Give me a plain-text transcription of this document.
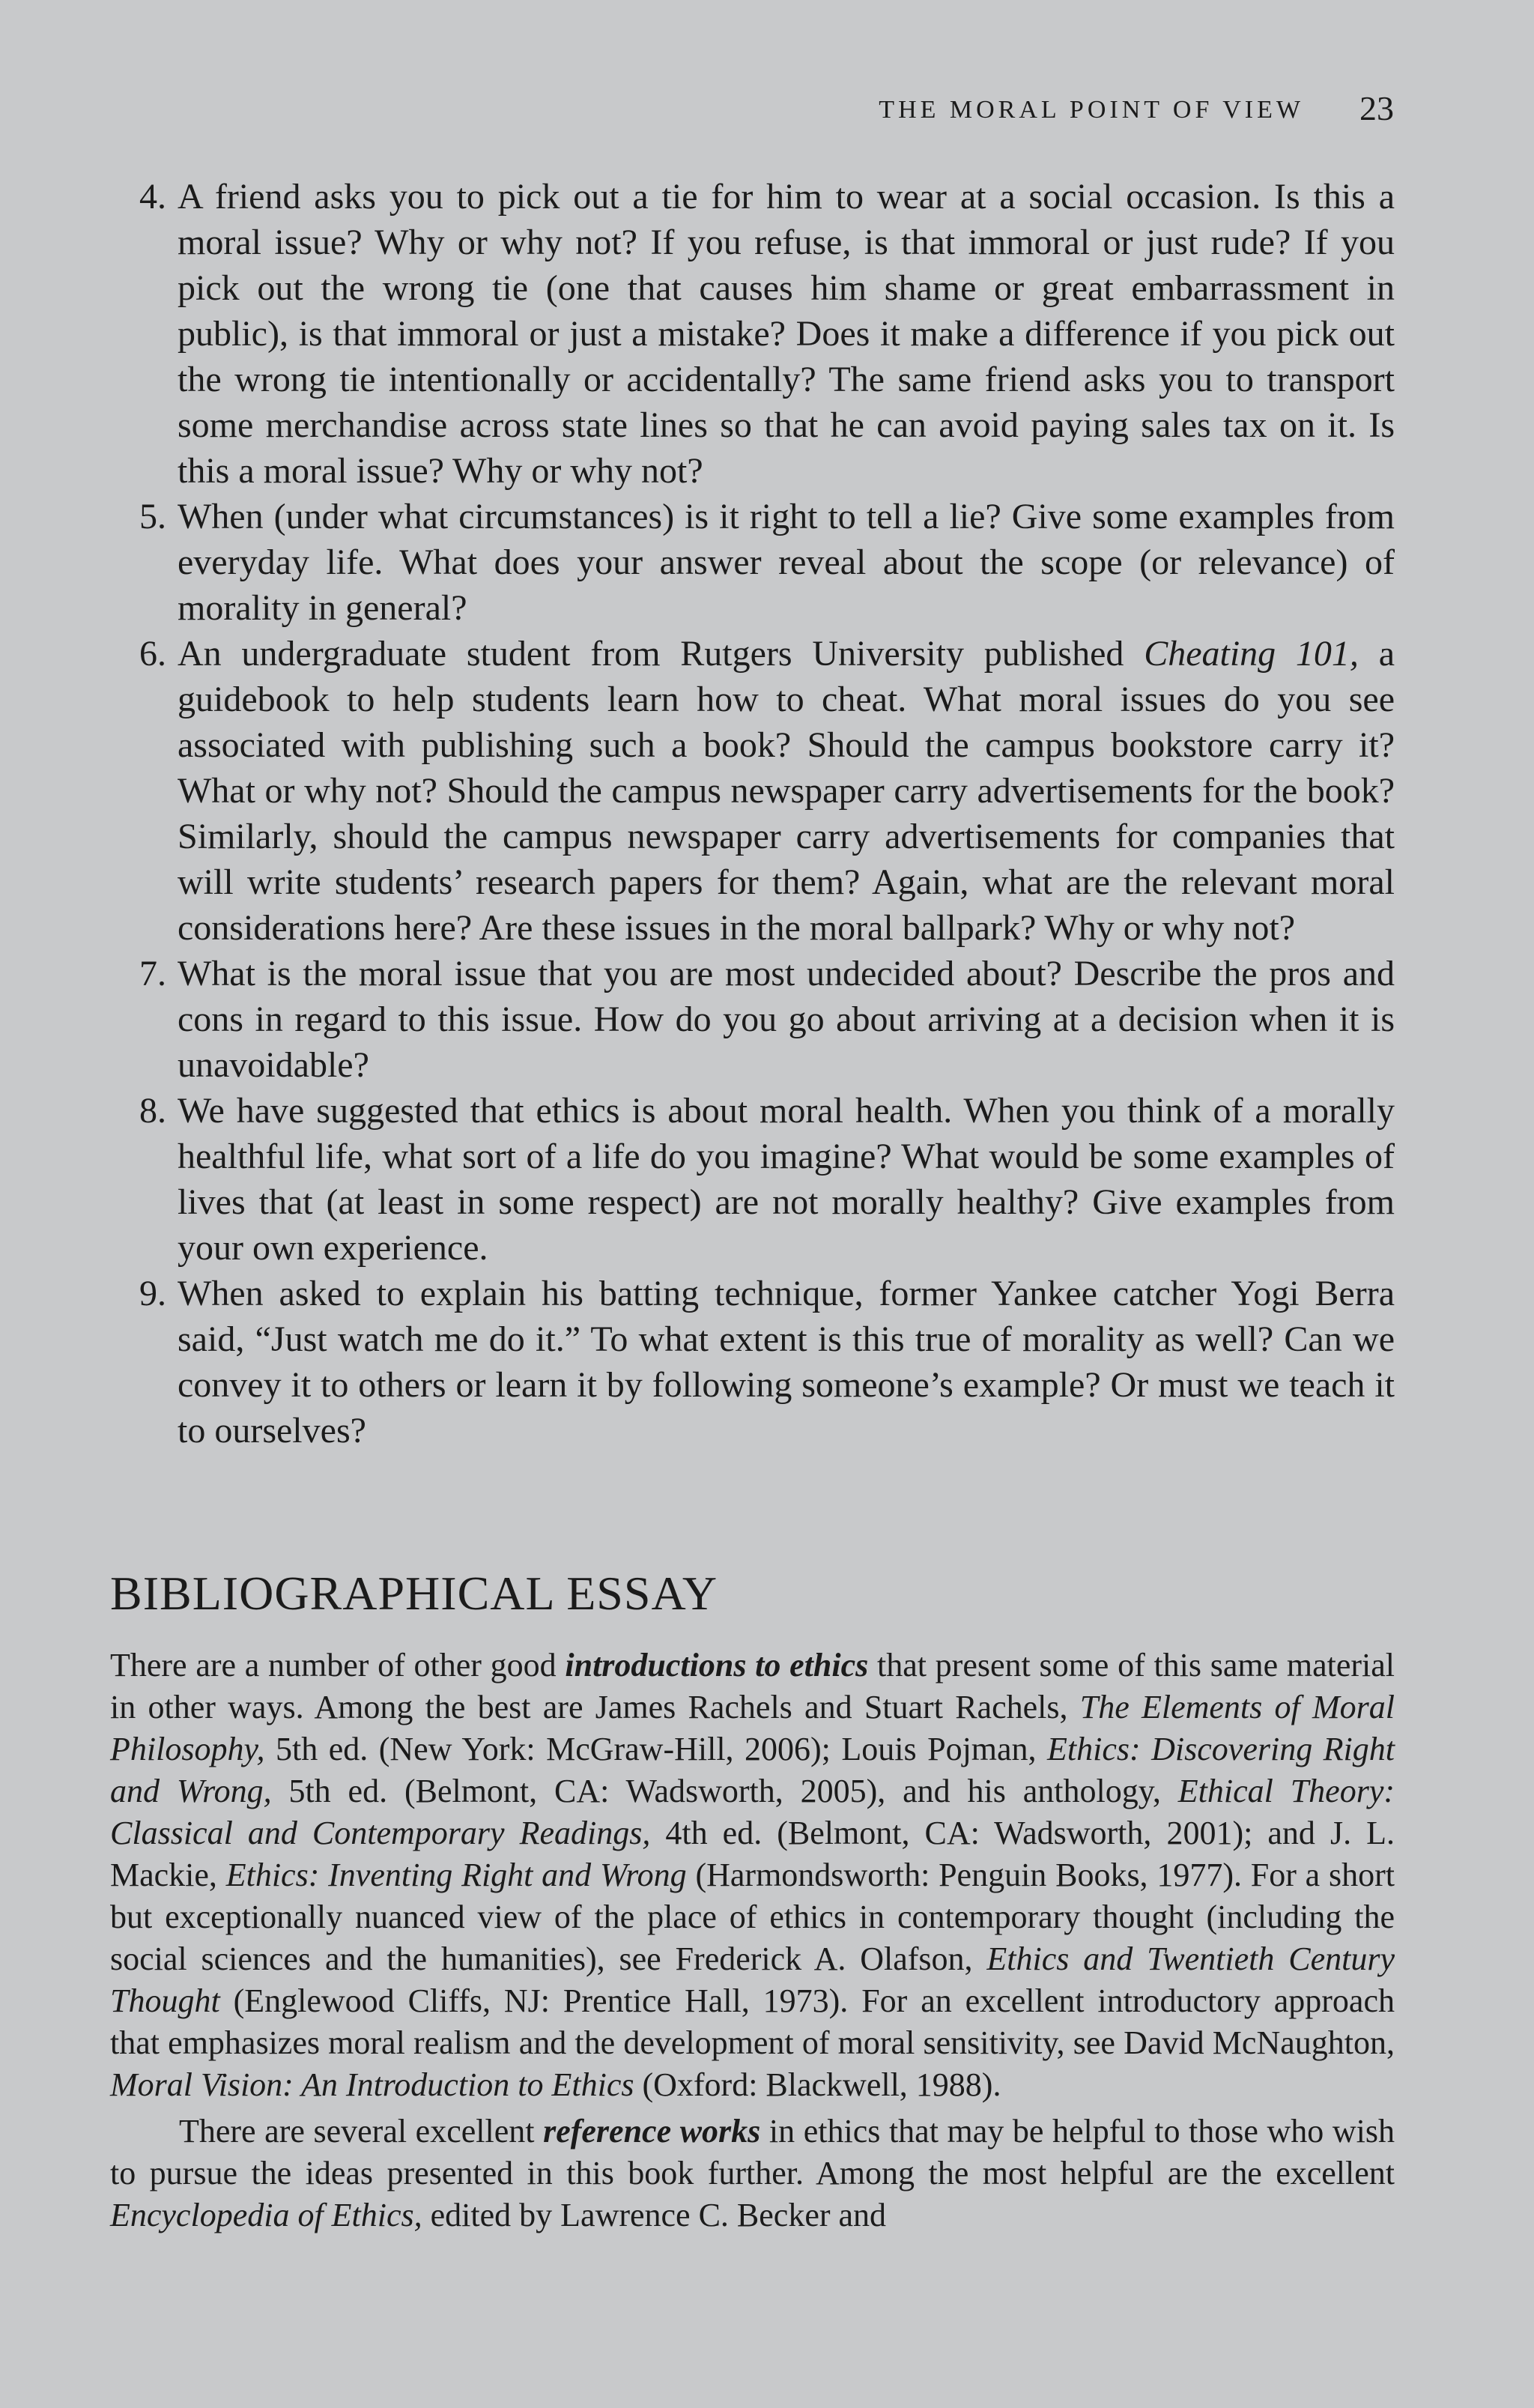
THE MORAL POINT OF VIEW 23
4. A friend asks you to pick out a tie for him to wear at a social occasion. Is this a moral issue? Why or why not? If you refuse, is that immoral or just rude? If you pick out the wrong tie (one that causes him shame or great embarrassment in public), is that immoral or just a mistake? Does it make a difference if you pick out the wrong tie intentionally or accidentally? The same friend asks you to transport some merchandise across state lines so that he can avoid paying sales tax on it. Is this a moral issue? Why or why not?
5. When (under what circumstances) is it right to tell a lie? Give some examples from everyday life. What does your answer reveal about the scope (or relevance) of morality in general?
6. An undergraduate student from Rutgers University published Cheating 101, a guidebook to help students learn how to cheat. What moral issues do you see associated with publishing such a book? Should the campus bookstore carry it? What or why not? Should the campus newspaper carry advertisements for the book? Similarly, should the campus newspaper carry advertisements for companies that will write students’ research papers for them? Again, what are the relevant moral considerations here? Are these issues in the moral ballpark? Why or why not?
7. What is the moral issue that you are most undecided about? Describe the pros and cons in regard to this issue. How do you go about arriving at a decision when it is unavoidable?
8. We have suggested that ethics is about moral health. When you think of a morally healthful life, what sort of a life do you imagine? What would be some examples of lives that (at least in some respect) are not morally healthy? Give examples from your own experience.
9. When asked to explain his batting technique, former Yankee catcher Yogi Berra said, “Just watch me do it.” To what extent is this true of morality as well? Can we convey it to others or learn it by following someone’s example? Or must we teach it to ourselves?
BIBLIOGRAPHICAL ESSAY

There are a number of other good introductions to ethics that present some of this same material in other ways. Among the best are James Rachels and Stuart Rachels, The Elements of Moral Philosophy, 5th ed. (New York: McGraw-Hill, 2006); Louis Pojman, Ethics: Discovering Right and Wrong, 5th ed. (Belmont, CA: Wadsworth, 2005), and his anthology, Ethical Theory: Classical and Contemporary Readings, 4th ed. (Belmont, CA: Wadsworth, 2001); and J. L. Mackie, Ethics: Inventing Right and Wrong (Harmondsworth: Penguin Books, 1977). For a short but exceptionally nuanced view of the place of ethics in contemporary thought (including the social sciences and the humanities), see Frederick A. Olafson, Ethics and Twentieth Century Thought (Englewood Cliffs, NJ: Prentice Hall, 1973). For an excellent introductory approach that emphasizes moral realism and the development of moral sensitivity, see David McNaughton, Moral Vision: An Introduction to Ethics (Oxford: Blackwell, 1988).

There are several excellent reference works in ethics that may be helpful to those who wish to pursue the ideas presented in this book further. Among the most helpful are the excellent Encyclopedia of Ethics, edited by Lawrence C. Becker and
